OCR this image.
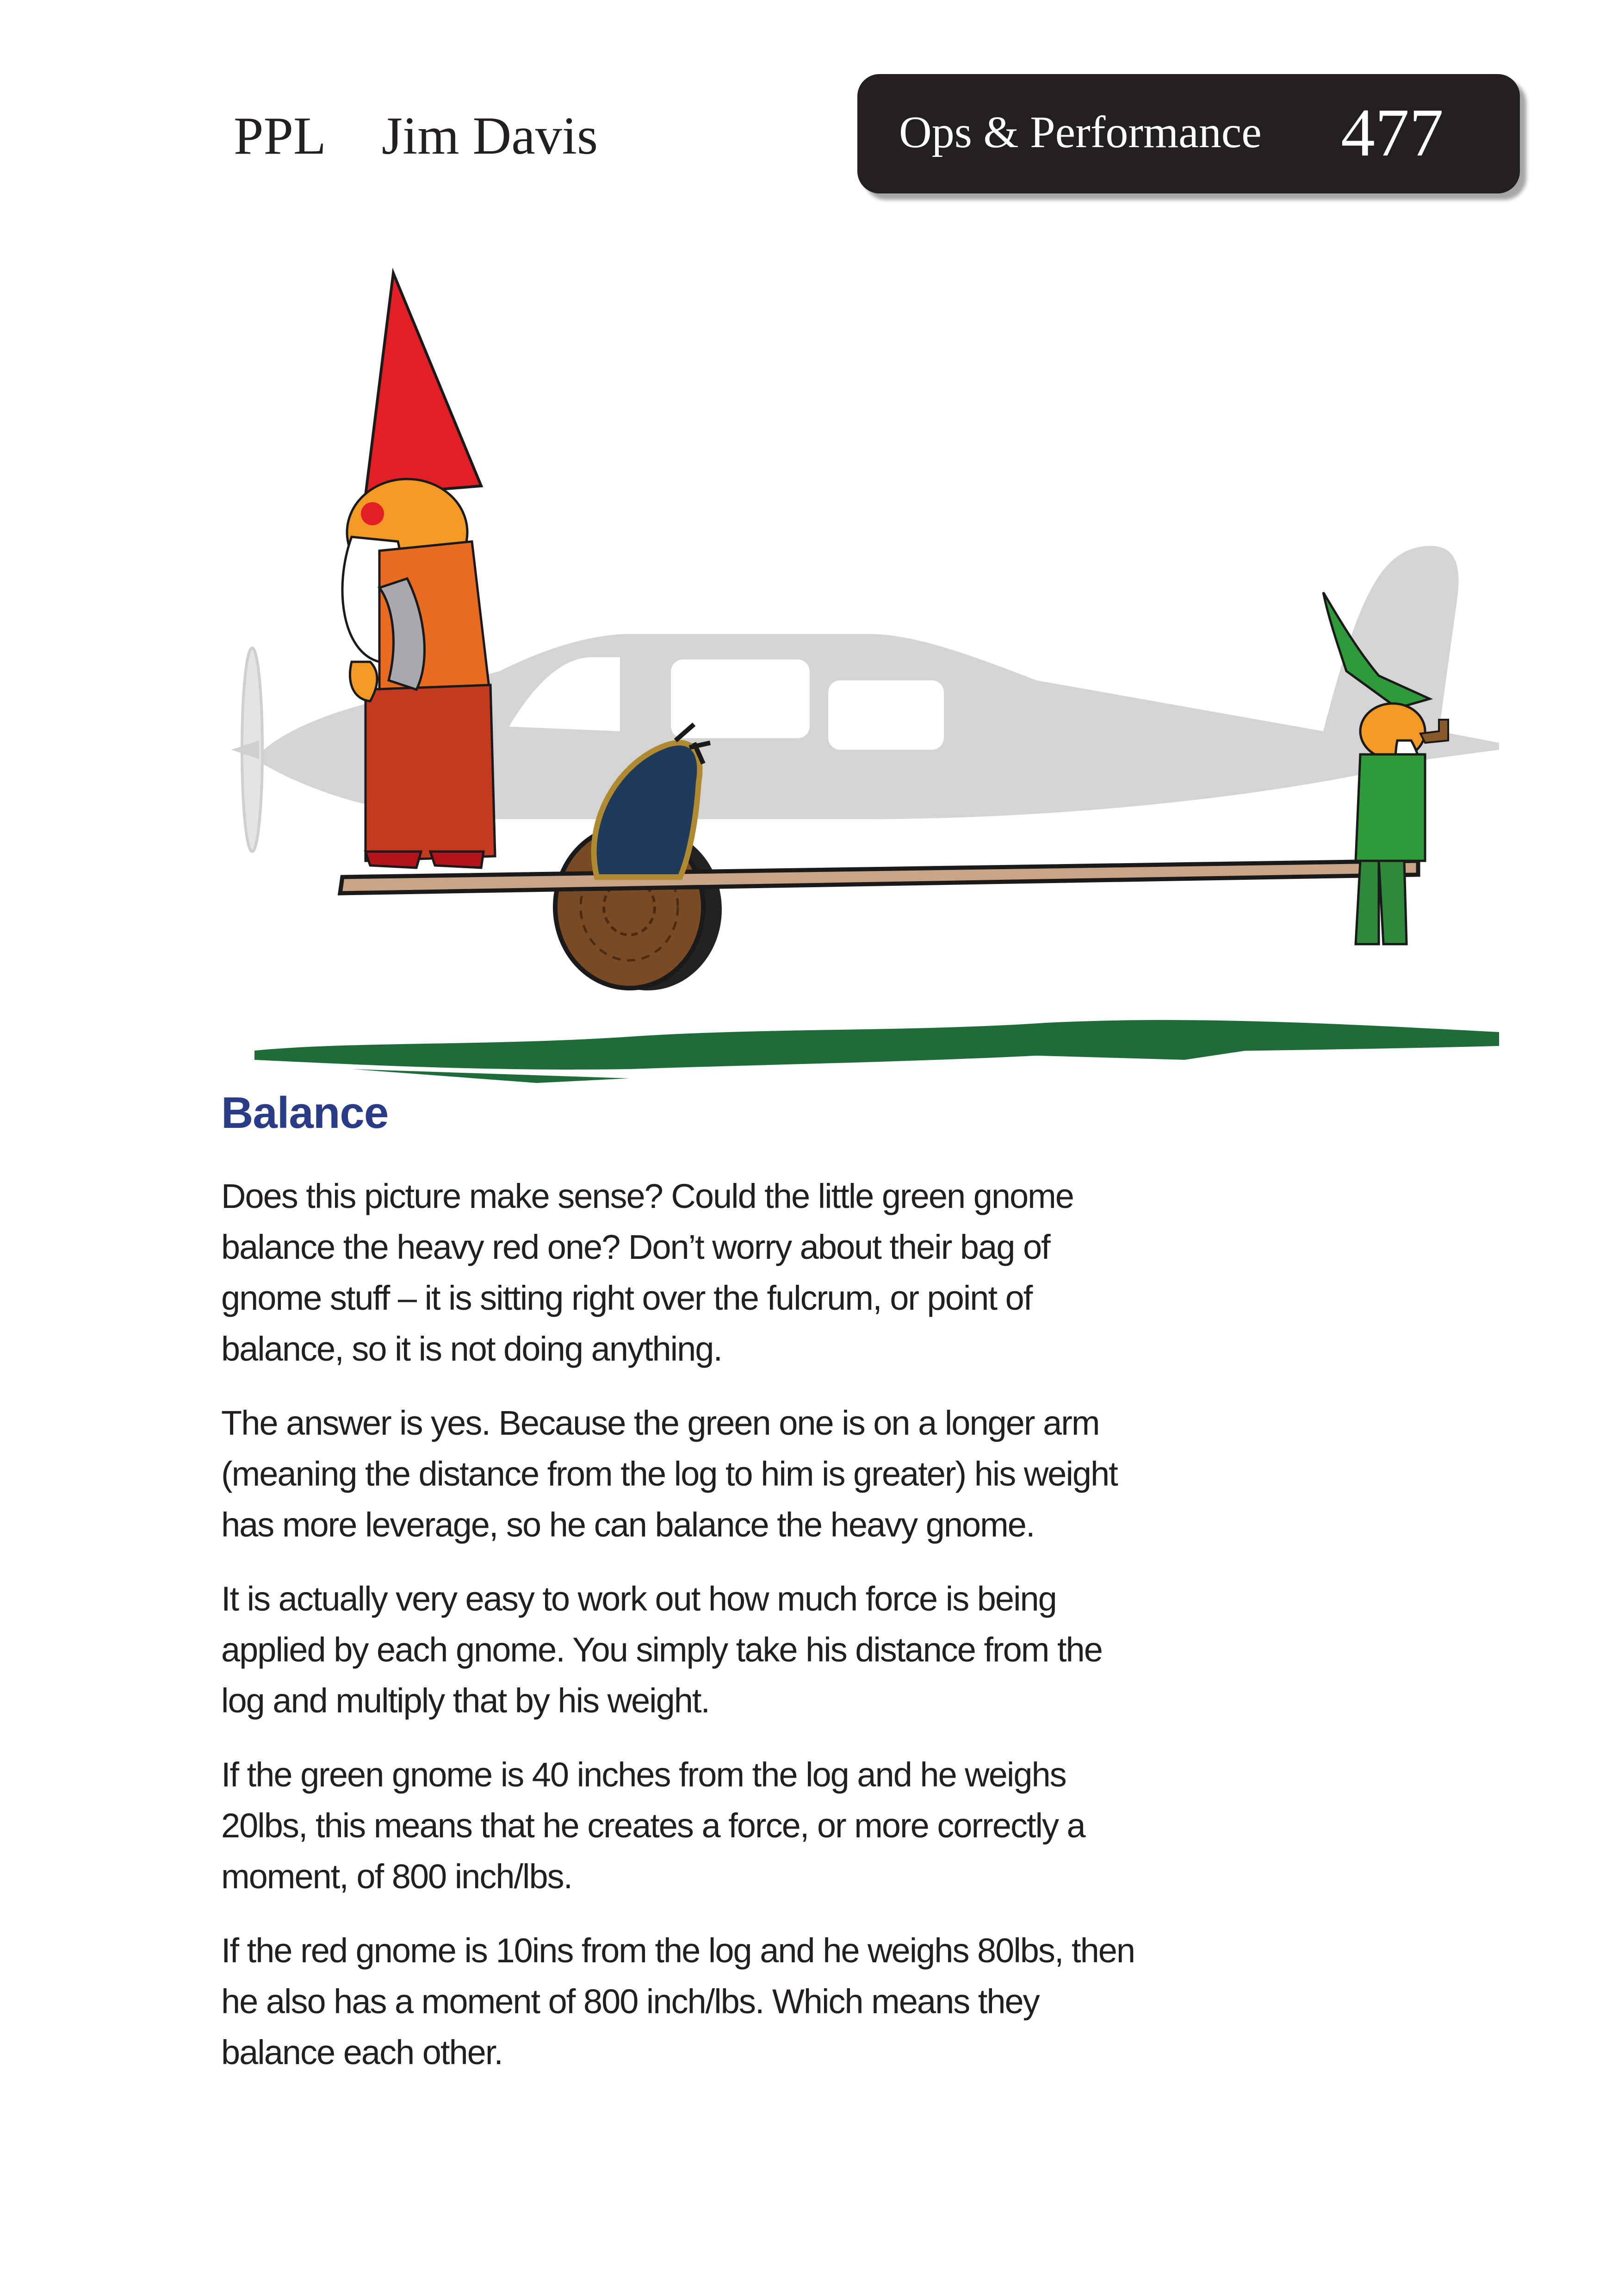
PPL Jim Davis	Ops & Performance 477
Balance

Does this picture make sense? Could the little green gnome balance the heavy red one? Don’t worry about their bag of gnome stuff – it is sitting right over the fulcrum, or point of balance, so it is not doing anything.

The answer is yes. Because the green one is on a longer arm (meaning the distance from the log to him is greater) his weight has more leverage, so he can balance the heavy gnome.

It is actually very easy to work out how much force is being applied by each gnome. You simply take his distance from the log and multiply that by his weight.

If the green gnome is 40 inches from the log and he weighs 20lbs, this means that he creates a force, or more correctly a moment, of 800 inch/lbs.

If the red gnome is 10ins from the log and he weighs 80lbs, then he also has a moment of 800 inch/lbs. Which means they balance each other.
